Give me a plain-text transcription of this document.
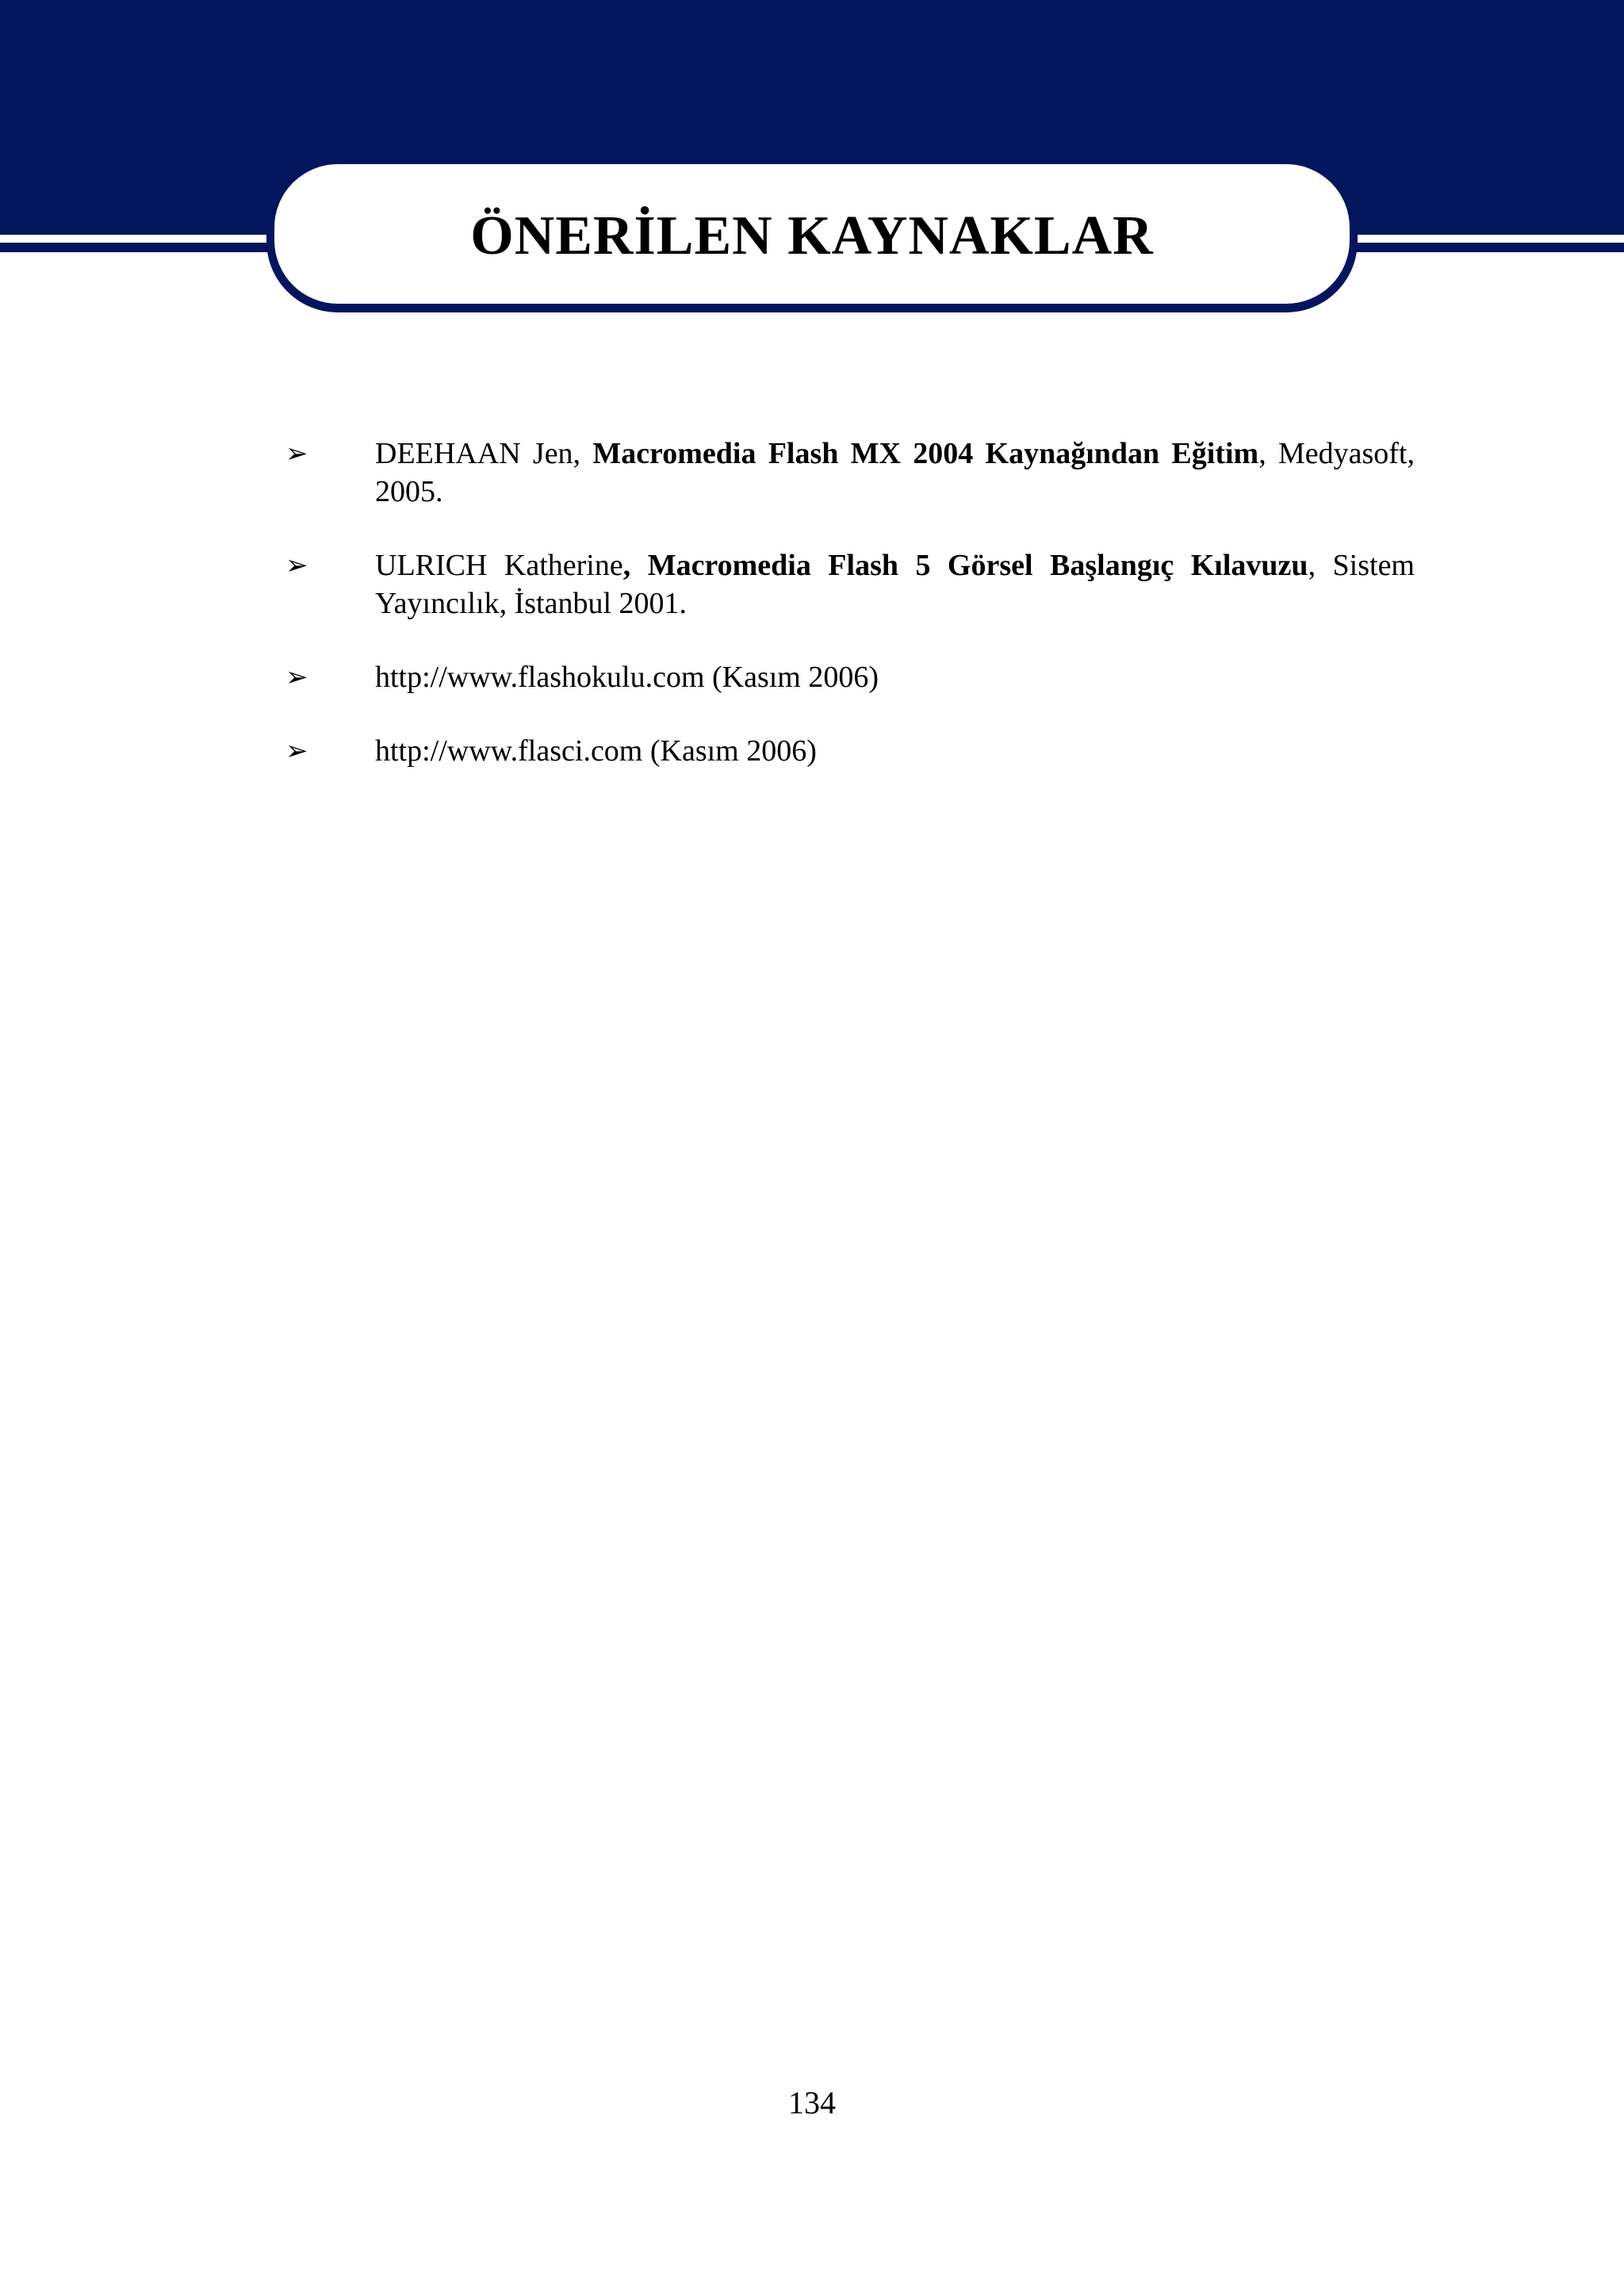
ÖNERİLEN KAYNAKLAR
➢	DEEHAAN Jen, Macromedia Flash MX 2004 Kaynağından Eğitim, Medyasoft, 2005.
➢	ULRICH Katherine, Macromedia Flash 5 Görsel Başlangıç Kılavuzu, Sistem Yayıncılık, İstanbul 2001.
➢	http://www.flashokulu.com (Kasım 2006)
➢	http://www.flasci.com (Kasım 2006)
134
